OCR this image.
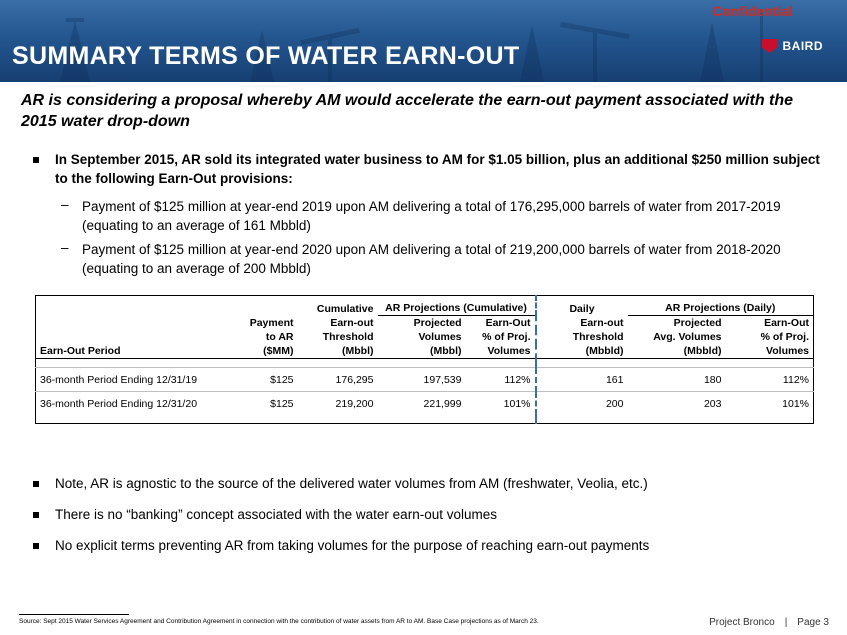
Confidential
SUMMARY TERMS OF WATER EARN-OUT	BAIRD
AR is considering a proposal whereby AM would accelerate the earn-out payment associated with the 2015 water drop-down
In September 2015, AR sold its integrated water business to AM for $1.05 billion, plus an additional $250 million subject to the following Earn-Out provisions:
– Payment of $125 million at year-end 2019 upon AM delivering a total of 176,295,000 barrels of water from 2017-2019 (equating to an average of 161 Mbbld)
– Payment of $125 million at year-end 2020 upon AM delivering a total of 219,200,000 barrels of water from 2018-2020 (equating to an average of 200 Mbbld)
		Cumulative	AR Projections (Cumulative)		Daily	AR Projections (Daily)	
	Payment	Earn-out	Projected	Earn-Out	Earn-out	Projected	Earn-Out
	to AR	Threshold	Volumes	% of Proj.	Threshold	Avg. Volumes	% of Proj.
Earn-Out Period	($MM)	(Mbbl)	(Mbbl)	Volumes	(Mbbld)	(Mbbld)	Volumes

36-month Period Ending 12/31/19	$125	176,295	197,539	112%	161	180	112%
36-month Period Ending 12/31/20	$125	219,200	221,999	101%	200	203	101%

Note, AR is agnostic to the source of the delivered water volumes from AM (freshwater, Veolia, etc.)
There is no “banking” concept associated with the water earn-out volumes
No explicit terms preventing AR from taking volumes for the purpose of reaching earn-out payments
Source: Sept 2015 Water Services Agreement and Contribution Agreement in connection with the contribution of water assets from AR to AM. Base Case projections as of March 23.	Project Bronco | Page 3
